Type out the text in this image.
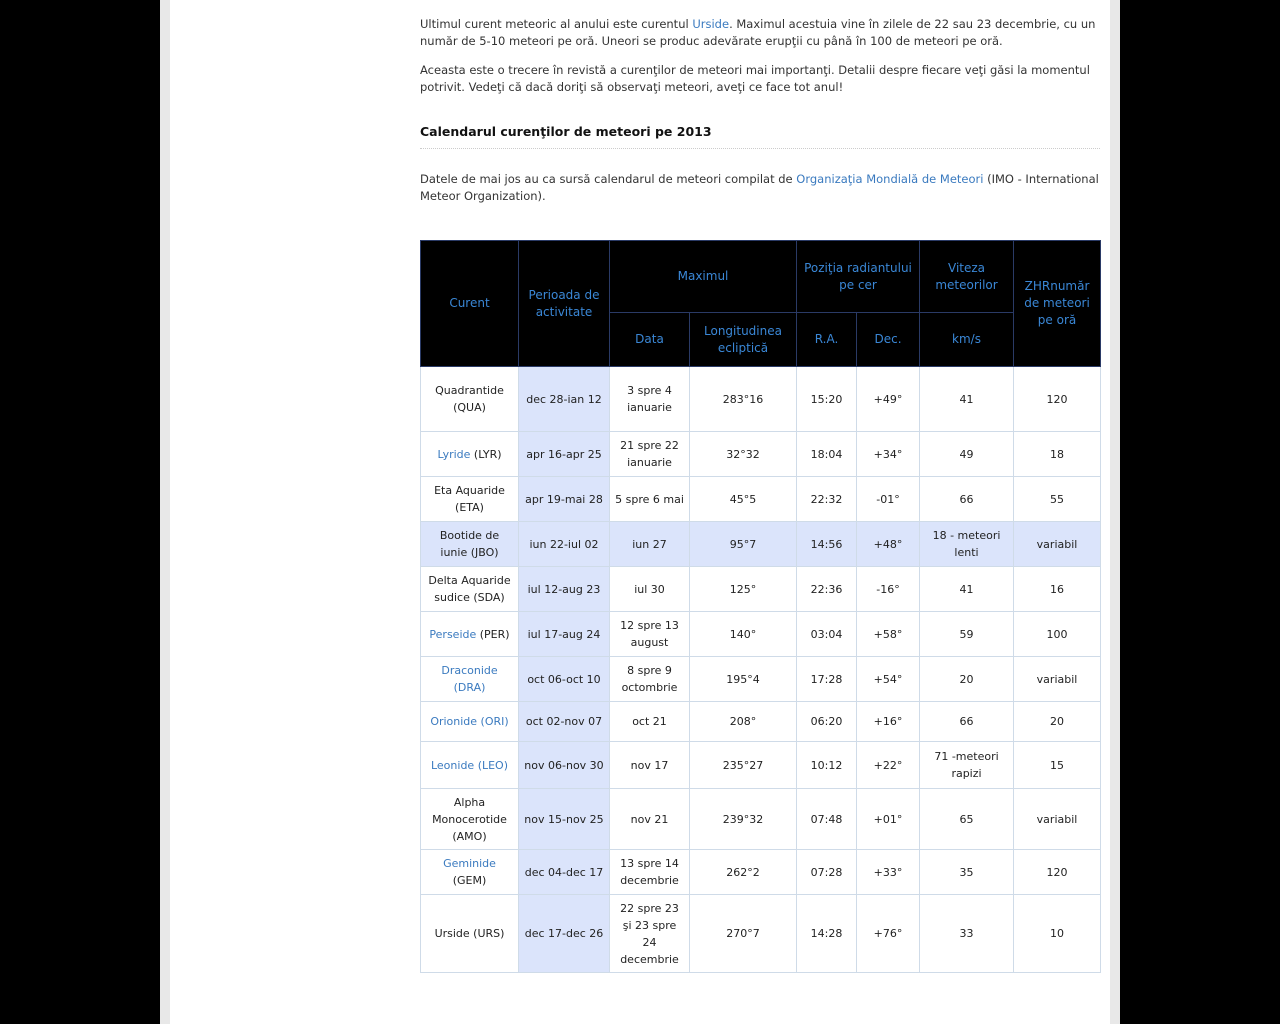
Ultimul curent meteoric al anului este curentul Urside. Maximul acestuia vine în zilele de 22 sau 23 decembrie, cu un număr de 5-10 meteori pe oră. Uneori se produc adevărate erupţii cu până în 100 de meteori pe oră.

Aceasta este o trecere în revistă a curenţilor de meteori mai importanţi. Detalii despre fiecare veţi găsi la momentul potrivit. Vedeţi că dacă doriţi să observaţi meteori, aveţi ce face tot anul!

Calendarul curenţilor de meteori pe 2013

Datele de mai jos au ca sursă calendarul de meteori compilat de Organizaţia Mondială de Meteori (IMO - International Meteor Organization).

Curent	Perioada de activitate	Maximul		Poziţia radiantului pe cer		Viteza meteorilor	ZHRnumăr de meteori pe oră
		Data	Longitudinea ecliptică	R.A.	Dec.	km/s	
Quadrantide (QUA)	dec 28-ian 12	3 spre 4 ianuarie	283°16	15:20	+49°	41	120
Lyride (LYR)	apr 16-apr 25	21 spre 22 ianuarie	32°32	18:04	+34°	49	18
Eta Aquaride (ETA)	apr 19-mai 28	5 spre 6 mai	45°5	22:32	-01°	66	55
Bootide de iunie (JBO)	iun 22-iul 02	iun 27	95°7	14:56	+48°	18 - meteori lenti	variabil
Delta Aquaride sudice (SDA)	iul 12-aug 23	iul 30	125°	22:36	-16°	41	16
Perseide (PER)	iul 17-aug 24	12 spre 13 august	140°	03:04	+58°	59	100
Draconide (DRA)	oct 06-oct 10	8 spre 9 octombrie	195°4	17:28	+54°	20	variabil
Orionide (ORI)	oct 02-nov 07	oct 21	208°	06:20	+16°	66	20
Leonide (LEO)	nov 06-nov 30	nov 17	235°27	10:12	+22°	71 -meteori rapizi	15
Alpha Monocerotide (AMO)	nov 15-nov 25	nov 21	239°32	07:48	+01°	65	variabil
Geminide (GEM)	dec 04-dec 17	13 spre 14 decembrie	262°2	07:28	+33°	35	120
Urside (URS)	dec 17-dec 26	22 spre 23 şi 23 spre 24 decembrie	270°7	14:28	+76°	33	10
